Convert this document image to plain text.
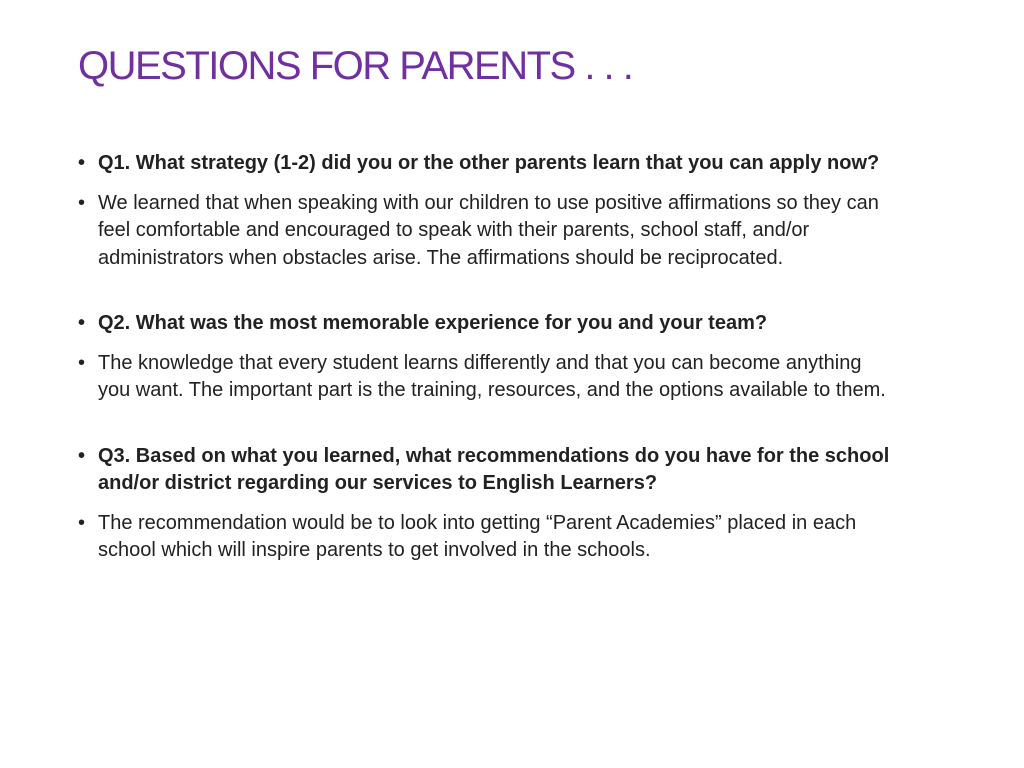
QUESTIONS FOR PARENTS . . .
• Q1. What strategy (1-2) did you or the other parents learn that you can apply now?
• We learned that when speaking with our children to use positive affirmations so they can feel comfortable and encouraged to speak with their parents, school staff, and/or administrators when obstacles arise. The affirmations should be reciprocated.
• Q2. What was the most memorable experience for you and your team?
• The knowledge that every student learns differently and that you can become anything you want. The important part is the training, resources, and the options available to them.
• Q3. Based on what you learned, what recommendations do you have for the school and/or district regarding our services to English Learners?
• The recommendation would be to look into getting “Parent Academies” placed in each school which will inspire parents to get involved in the schools.
